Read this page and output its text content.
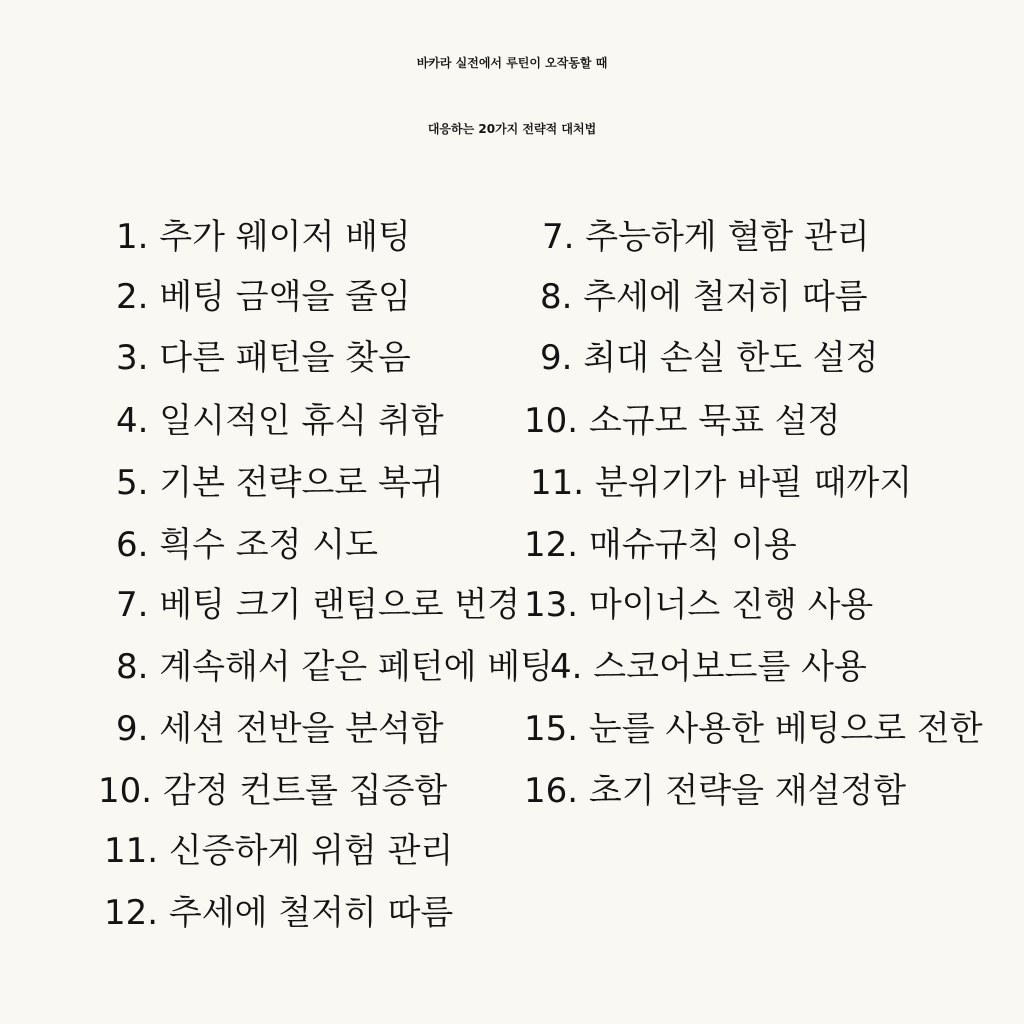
바카라 실전에서 루틴이 오작동할 때
대응하는 20가지 전략적 대처법
1. 추가 웨이저 배팅
2. 베팅 금액을 줄임
3. 다른 패턴을 찾음
4. 일시적인 휴식 취함
5. 기본 전략으로 복귀
6. 흭수 조정 시도
7. 베팅 크기 랜텀으로 번경
8. 계속해서 같은 페턴에 베팅
9. 세션 전반을 분석함
10. 감정 컨트롤 집증함
11. 신증하게 위험 관리
12. 추세에 철저히 따름
7. 추능하게 혈함 관리
8. 추세에 철저히 따름
9. 최대 손실 한도 설정
10. 소규모 묵표 설정
11. 분위기가 바필 때까지
12. 매슈규칙 이용
13. 마이너스 진행 사용
4. 스코어보드를 사용
15. 눈를 사용한 베팅으로 전한
16. 초기 전략을 재설정함
